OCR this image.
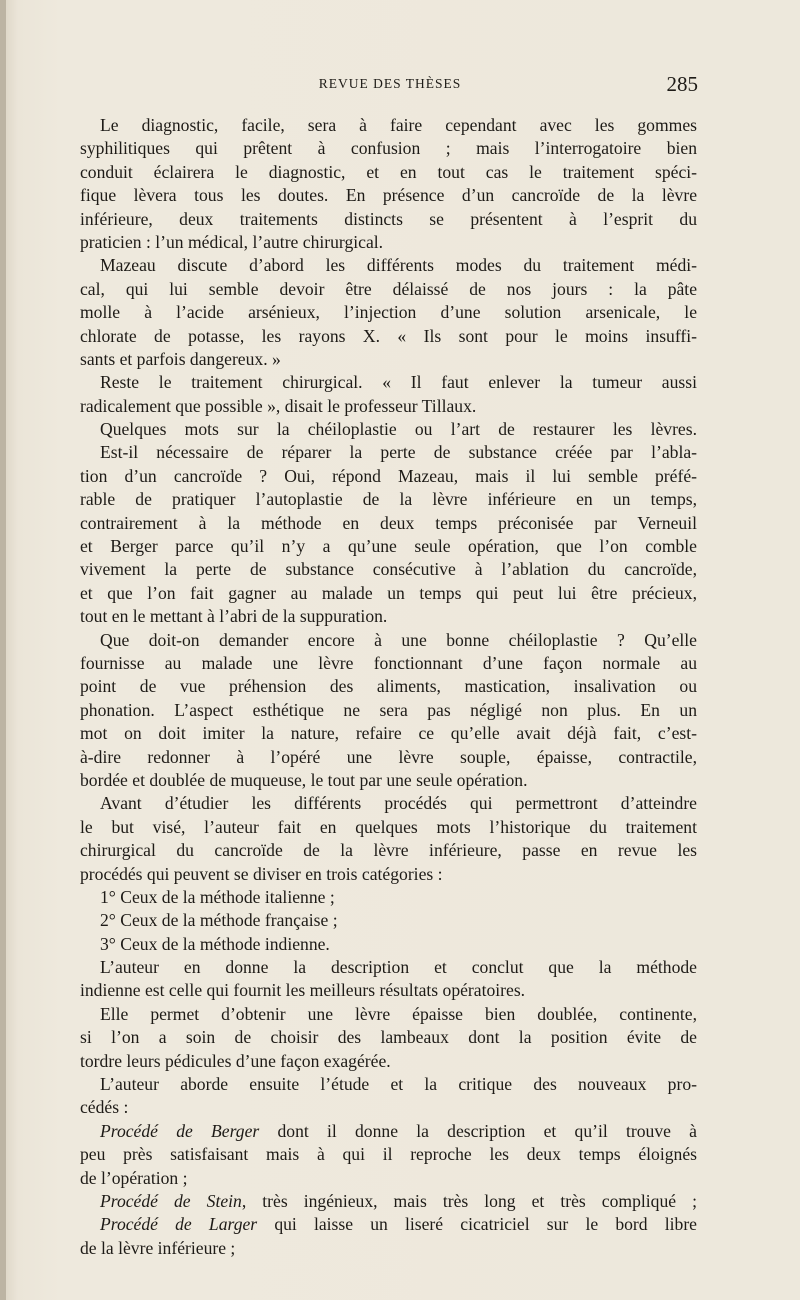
REVUE DES THÈSES	285
Le diagnostic, facile, sera à faire cependant avec les gommes
syphilitiques qui prêtent à confusion ; mais l’interrogatoire bien
conduit éclairera le diagnostic, et en tout cas le traitement spéci-
fique lèvera tous les doutes. En présence d’un cancroïde de la lèvre
inférieure, deux traitements distincts se présentent à l’esprit du
praticien : l’un médical, l’autre chirurgical.
Mazeau discute d’abord les différents modes du traitement médi-
cal, qui lui semble devoir être délaissé de nos jours : la pâte
molle à l’acide arsénieux, l’injection d’une solution arsenicale, le
chlorate de potasse, les rayons X. « Ils sont pour le moins insuffi-
sants et parfois dangereux. »
Reste le traitement chirurgical. « Il faut enlever la tumeur aussi
radicalement que possible », disait le professeur Tillaux.
Quelques mots sur la chéiloplastie ou l’art de restaurer les lèvres.
Est-il nécessaire de réparer la perte de substance créée par l’abla-
tion d’un cancroïde ? Oui, répond Mazeau, mais il lui semble préfé-
rable de pratiquer l’autoplastie de la lèvre inférieure en un temps,
contrairement à la méthode en deux temps préconisée par Verneuil
et Berger parce qu’il n’y a qu’une seule opération, que l’on comble
vivement la perte de substance consécutive à l’ablation du cancroïde,
et que l’on fait gagner au malade un temps qui peut lui être précieux,
tout en le mettant à l’abri de la suppuration.
Que doit-on demander encore à une bonne chéiloplastie ? Qu’elle
fournisse au malade une lèvre fonctionnant d’une façon normale au
point de vue préhension des aliments, mastication, insalivation ou
phonation. L’aspect esthétique ne sera pas négligé non plus. En un
mot on doit imiter la nature, refaire ce qu’elle avait déjà fait, c’est-
à-dire redonner à l’opéré une lèvre souple, épaisse, contractile,
bordée et doublée de muqueuse, le tout par une seule opération.
Avant d’étudier les différents procédés qui permettront d’atteindre
le but visé, l’auteur fait en quelques mots l’historique du traitement
chirurgical du cancroïde de la lèvre inférieure, passe en revue les
procédés qui peuvent se diviser en trois catégories :
1° Ceux de la méthode italienne ;
2° Ceux de la méthode française ;
3° Ceux de la méthode indienne.
L’auteur en donne la description et conclut que la méthode
indienne est celle qui fournit les meilleurs résultats opératoires.
Elle permet d’obtenir une lèvre épaisse bien doublée, continente,
si l’on a soin de choisir des lambeaux dont la position évite de
tordre leurs pédicules d’une façon exagérée.
L’auteur aborde ensuite l’étude et la critique des nouveaux pro-
cédés :
Procédé de Berger dont il donne la description et qu’il trouve à
peu près satisfaisant mais à qui il reproche les deux temps éloignés
de l’opération ;
Procédé de Stein, très ingénieux, mais très long et très compliqué ;
Procédé de Larger qui laisse un liseré cicatriciel sur le bord libre
de la lèvre inférieure ;
